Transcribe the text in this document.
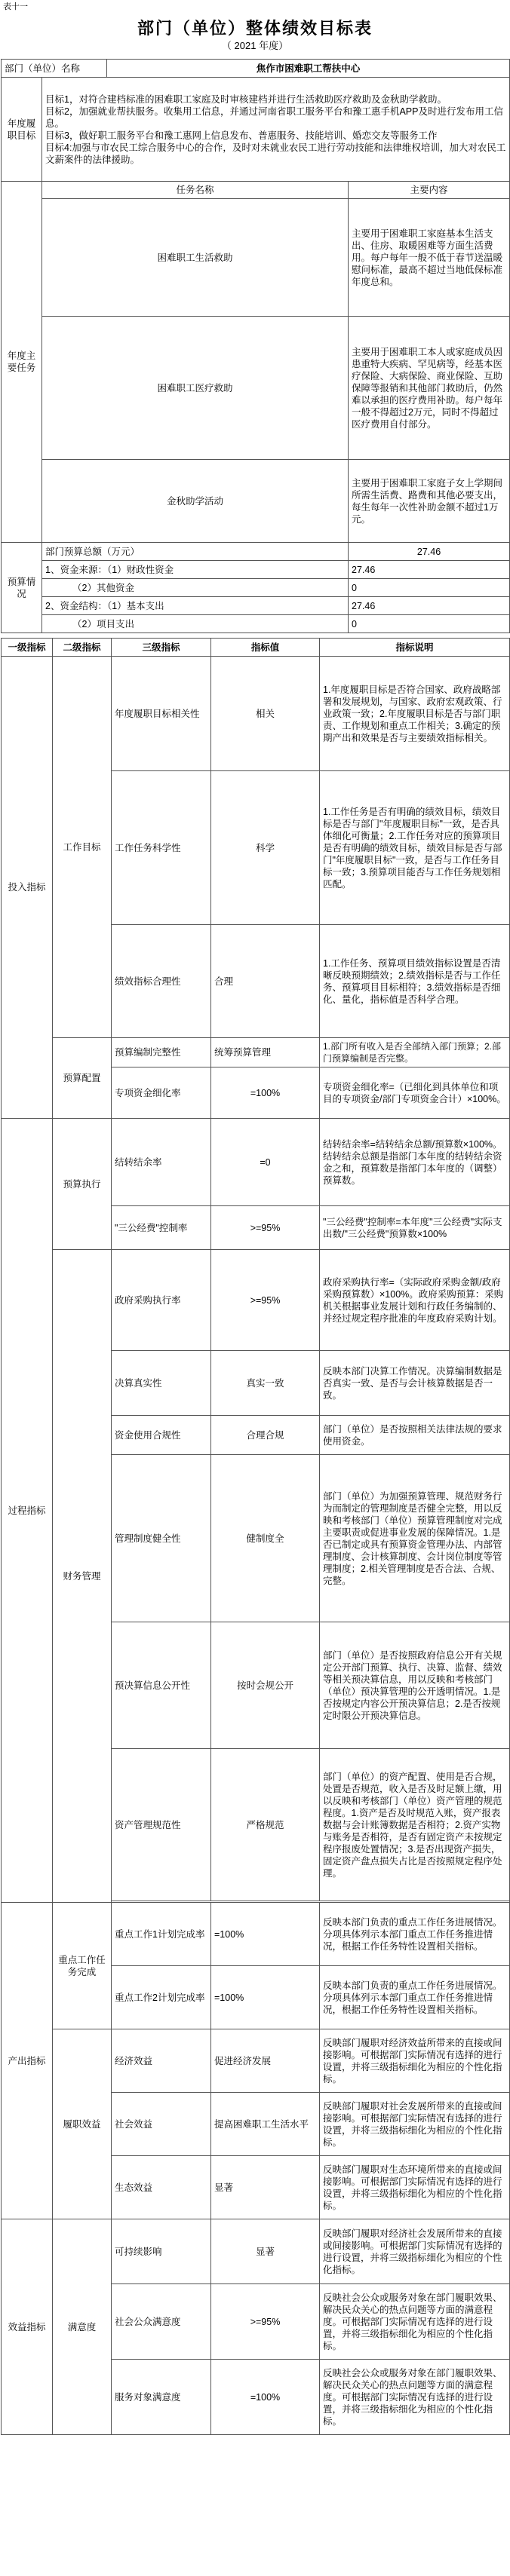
表十一
部门（单位）整体绩效目标表
（ 2021 年度）
部门（单位）名称		焦作市困难职工帮扶中心	
年度履职目标	目标1，对符合建档标准的困难职工家庭及时审核建档并进行生活救助医疗救助及金秋助学救助。
目标2，加强就业帮扶服务。收集用工信息，并通过河南省职工服务平台和豫工惠手机APP及时进行发布用工信息。
目标3，做好职工服务平台和豫工惠网上信息发布、普惠服务、技能培训、婚恋交友等服务工作
目标4:加强与市农民工综合服务中心的合作，及时对未就业农民工进行劳动技能和法律维权培训，加大对农民工文薪案件的法律援助。		
年度主要任务	任务名称		主要内容
	困难职工生活救助		主要用于困难职工家庭基本生活支出、住房、取暖困难等方面生活费用。每户每年一般不低于春节送温暖慰问标准，最高不超过当地低保标准年度总和。
	困难职工医疗救助		主要用于困难职工本人或家庭成员因患重特大疾病、罕见病等，经基本医疗保险、大病保险、商业保险、互助保障等报销和其他部门救助后，仍然难以承担的医疗费用补助。每户每年一般不得超过2万元，同时不得超过医疗费用自付部分。
	金秋助学活动		主要用于困难职工家庭子女上学期间所需生活费、路费和其他必要支出，每生每年一次性补助金额不超过1万元。
预算情况	部门预算总额（万元）		27.46
	1、资金来源：（1）财政性资金		27.46
	（2）其他资金		0
	2、资金结构：（1）基本支出		27.46
	（2）项目支出		0
一级指标	二级指标	三级指标	指标值	指标说明
投入指标	工作目标	年度履职目标相关性	相关	1.年度履职目标是否符合国家、政府战略部署和发展规划，与国家、政府宏观政策、行业政策一致；2.年度履职目标是否与部门职责、工作规划和重点工作相关；3.确定的预期产出和效果是否与主要绩效指标相关。
		工作任务科学性	科学	1.工作任务是否有明确的绩效目标，绩效目标是否与部门"年度履职目标"一致，是否具体细化可衡量；2.工作任务对应的预算项目是否有明确的绩效目标，绩效目标是否与部门"年度履职目标"一致，是否与工作任务目标一致；3.预算项目能否与工作任务规划相匹配。
		绩效指标合理性	合理	1.工作任务、预算项目绩效指标设置是否清晰反映预期绩效；2.绩效指标是否与工作任务、预算项目目标相符；3.绩效指标是否细化、量化，指标值是否科学合理。
	预算配置	预算编制完整性	统筹预算管理	1.部门所有收入是否全部纳入部门预算；2.部门预算编制是否完整。
		专项资金细化率	=100%	专项资金细化率=（已细化到具体单位和项目的专项资金/部门专项资金合计）×100%。
过程指标	预算执行	结转结余率	=0	结转结余率=结转结余总额/预算数×100%。结转结余总额是指部门本年度的结转结余资金之和，预算数是指部门本年度的（调整）预算数。
		"三公经费"控制率	>=95%	"三公经费"控制率=本年度"三公经费"实际支出数/"三公经费"预算数×100%
	财务管理	政府采购执行率	>=95%	政府采购执行率=（实际政府采购金额/政府采购预算数）×100%。政府采购预算：采购机关根据事业发展计划和行政任务编制的、并经过规定程序批准的年度政府采购计划。
		决算真实性	真实一致	反映本部门决算工作情况。决算编制数据是否真实一致、是否与会计核算数据是否一致。
		资金使用合规性	合理合规	部门（单位）是否按照相关法律法规的要求使用资金。
		管理制度健全性	健制度全	部门（单位）为加强预算管理、规范财务行为而制定的管理制度是否健全完整，用以反映和考核部门（单位）预算管理制度对完成主要职责或促进事业发展的保障情况。1.是否已制定或具有预算资金管理办法、内部管理制度、会计核算制度、会计岗位制度等管理制度；2.相关管理制度是否合法、合规、完整。
		预决算信息公开性	按时会规公开	部门（单位）是否按照政府信息公开有关规定公开部门预算、执行、决算、监督、绩效等相关预决算信息，用以反映和考核部门（单位）预决算管理的公开透明情况。1.是否按规定内容公开预决算信息；2.是否按规定时限公开预决算信息。
		资产管理规范性	严格规范	部门（单位）的资产配置、使用是否合规，处置是否规范，收入是否及时足额上缴，用以反映和考核部门（单位）资产管理的规范程度。1.资产是否及时规范入账，资产报表数据与会计账簿数据是否相符；2.资产实物与账务是否相符，是否有固定资产未按规定程序报废处置情况；3.是否出现资产损失，固定资产盘点损失占比是否按照规定程序处理。

产出指标	重点工作任务完成	重点工作1计划完成率	=100%	反映本部门负责的重点工作任务进展情况。分项具体列示本部门重点工作任务推进情况，根据工作任务特性设置相关指标。
		重点工作2计划完成率	=100%	反映本部门负责的重点工作任务进展情况。分项具体列示本部门重点工作任务推进情况，根据工作任务特性设置相关指标。
	履职效益	经济效益	促进经济发展	反映部门履职对经济效益所带来的直接或间接影响。可根据部门实际情况有选择的进行设置，并将三级指标细化为相应的个性化指标。
		社会效益	提高困难职工生活水平	反映部门履职对社会发展所带来的直接或间接影响。可根据部门实际情况有选择的进行设置，并将三级指标细化为相应的个性化指标。
		生态效益	显著	反映部门履职对生态环境所带来的直接或间接影响。可根据部门实际情况有选择的进行设置，并将三级指标细化为相应的个性化指标。
效益指标	满意度	可持续影响	显著	反映部门履职对经济社会发展所带来的直接或间接影响。可根据部门实际情况有选择的进行设置，并将三级指标细化为相应的个性化指标。
		社会公众满意度	>=95%	反映社会公众或服务对象在部门履职效果、解决民众关心的热点问题等方面的满意程度。可根据部门实际情况有选择的进行设置，并将三级指标细化为相应的个性化指标。
		服务对象满意度	=100%	反映社会公众或服务对象在部门履职效果、解决民众关心的热点问题等方面的满意程度。可根据部门实际情况有选择的进行设置，并将三级指标细化为相应的个性化指标。
